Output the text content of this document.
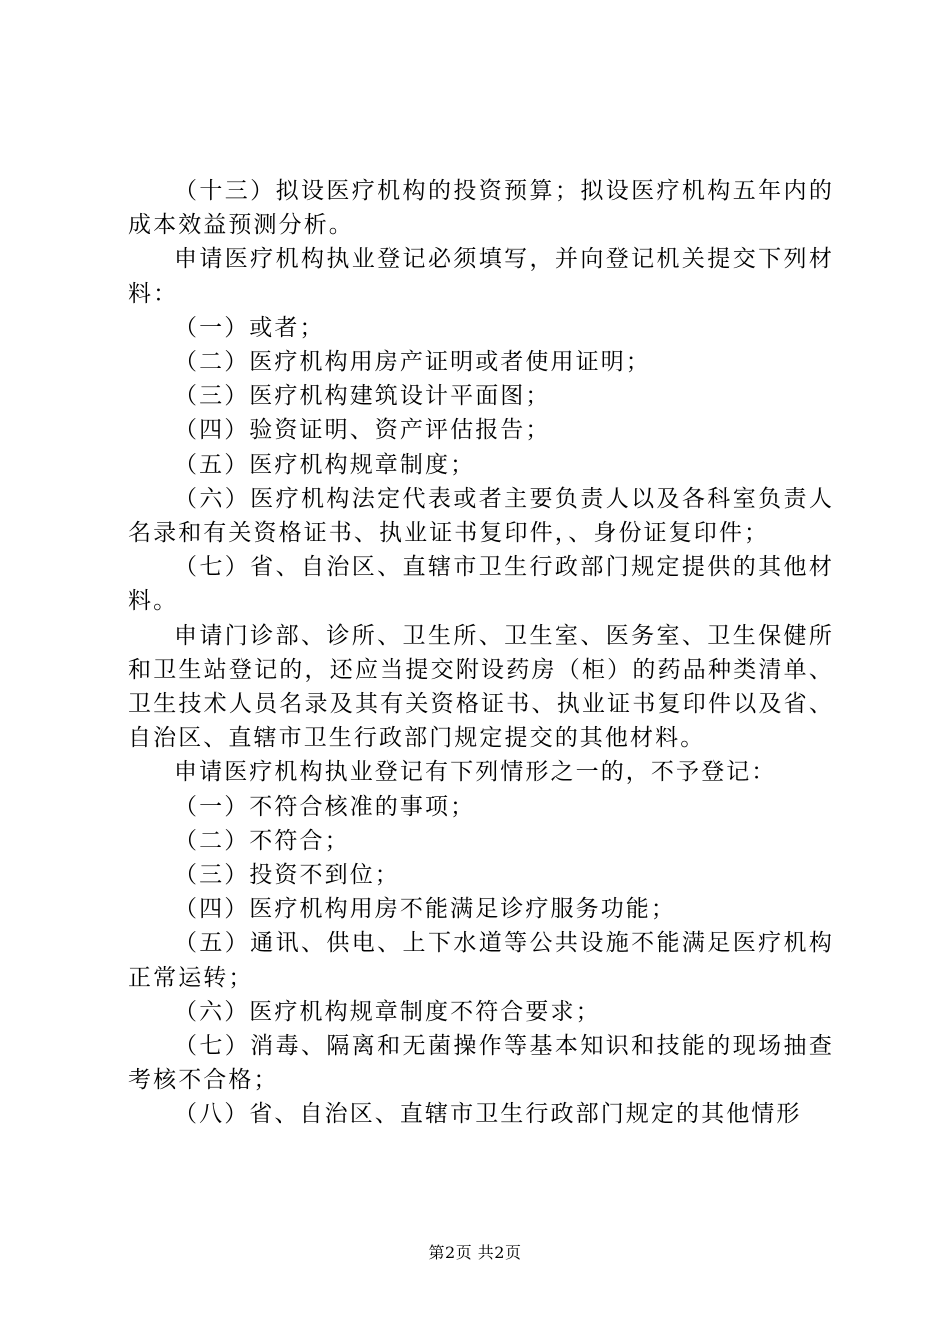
（十三）拟设医疗机构的投资预算；拟设医疗机构五年内的成本效益预测分析。

申请医疗机构执业登记必须填写，并向登记机关提交下列材料：

（一）或者；

（二）医疗机构用房产证明或者使用证明；

（三）医疗机构建筑设计平面图；

（四）验资证明、资产评估报告；

（五）医疗机构规章制度；

（六）医疗机构法定代表或者主要负责人以及各科室负责人名录和有关资格证书、执业证书复印件，、身份证复印件；

（七）省、自治区、直辖市卫生行政部门规定提供的其他材料。

申请门诊部、诊所、卫生所、卫生室、医务室、卫生保健所和卫生站登记的，还应当提交附设药房（柜）的药品种类清单、卫生技术人员名录及其有关资格证书、执业证书复印件以及省、自治区、直辖市卫生行政部门规定提交的其他材料。

申请医疗机构执业登记有下列情形之一的，不予登记：

（一）不符合核准的事项；

（二）不符合；

（三）投资不到位；

（四）医疗机构用房不能满足诊疗服务功能；

（五）通讯、供电、上下水道等公共设施不能满足医疗机构正常运转；

（六）医疗机构规章制度不符合要求；

（七）消毒、隔离和无菌操作等基本知识和技能的现场抽查考核不合格；

（八）省、自治区、直辖市卫生行政部门规定的其他情形

第2页 共2页
